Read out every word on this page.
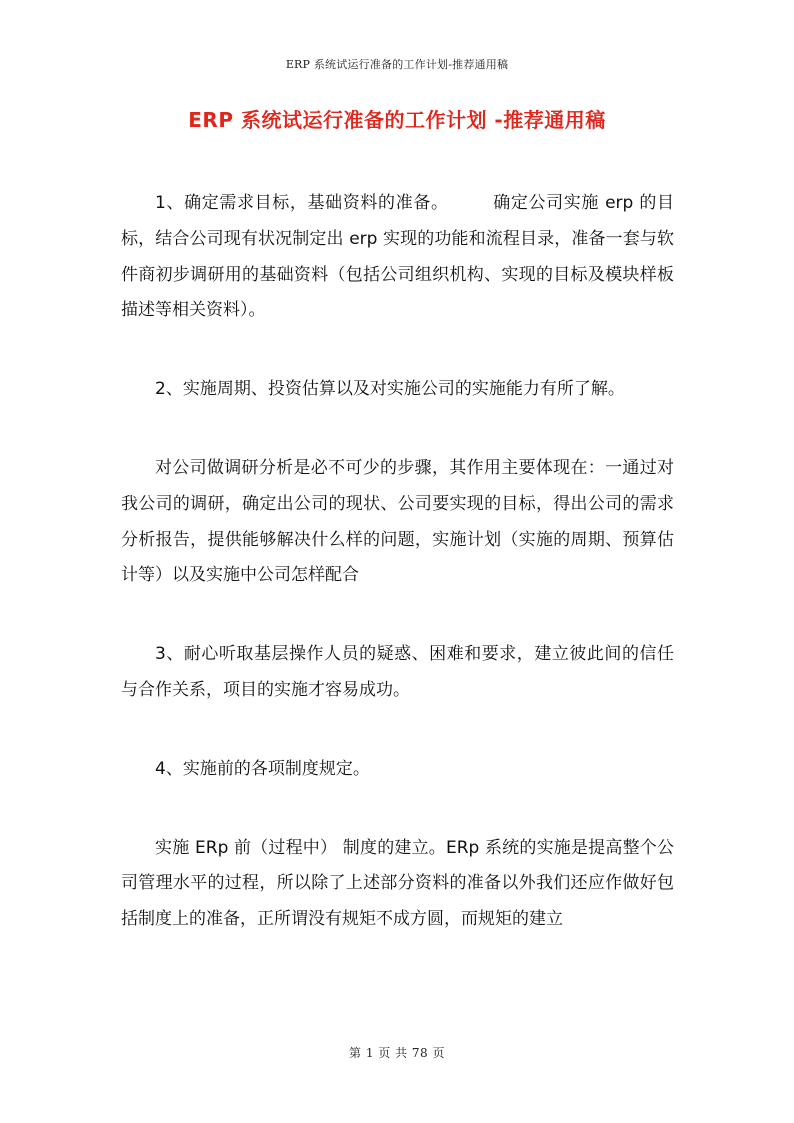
ERP 系统试运行准备的工作计划-推荐通用稿
ERP 系统试运行准备的工作计划 -推荐通用稿

1、确定需求目标，基础资料的准备。	确定公司实施 erp 的目标，结合公司现有状况制定出 erp 实现的功能和流程目录，准备一套与软件商初步调研用的基础资料（包括公司组织机构、实现的目标及模块样板描述等相关资料）。

2、实施周期、投资估算以及对实施公司的实施能力有所了解。

对公司做调研分析是必不可少的步骤，其作用主要体现在：一通过对我公司的调研，确定出公司的现状、公司要实现的目标，得出公司的需求分析报告，提供能够解决什么样的问题，实施计划（实施的周期、预算估计等）以及实施中公司怎样配合

3、耐心听取基层操作人员的疑惑、困难和要求，建立彼此间的信任与合作关系，项目的实施才容易成功。

4、实施前的各项制度规定。

实施 ERp 前（过程中） 制度的建立。ERp 系统的实施是提高整个公司管理水平的过程，所以除了上述部分资料的准备以外我们还应作做好包括制度上的准备，正所谓没有规矩不成方圆，而规矩的建立

第 1 页 共 78 页
